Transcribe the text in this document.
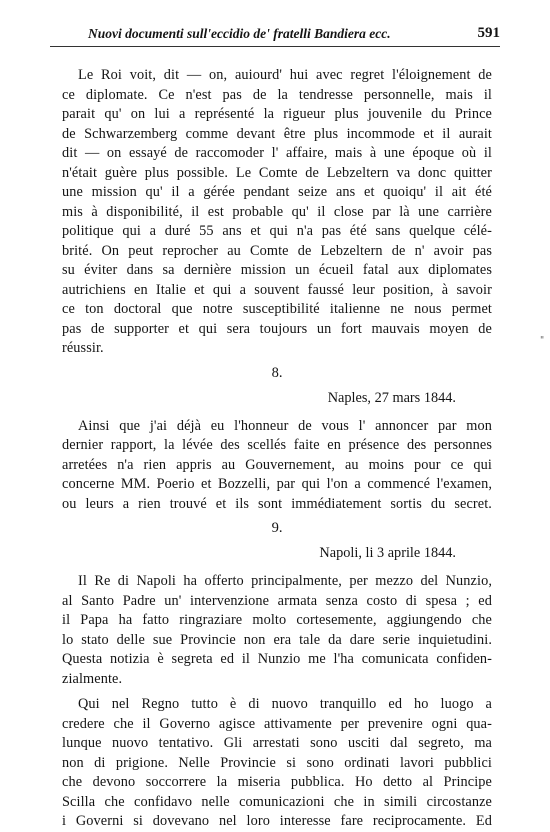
Nuovi documenti sull'eccidio de' fratelli Bandiera ecc.	591
Le Roi voit, dit — on, auiourd' hui avec regret l'éloignement de
ce diplomate. Ce n'est pas de la tendresse personnelle, mais il
parait qu' on lui a représenté la rigueur plus jouvenile du Prince
de Schwarzemberg comme devant être plus incommode et il aurait
dit — on essayé de raccomoder l' affaire, mais à une époque où il
n'était guère plus possible. Le Comte de Lebzeltern va donc quitter
une mission qu' il a gérée pendant seize ans et quoiqu' il ait été
mis à disponibilité, il est probable qu' il close par là une carrière
politique qui a duré 55 ans et qui n'a pas été sans quelque célé-
brité. On peut reprocher au Comte de Lebzeltern de n' avoir pas
su éviter dans sa dernière mission un écueil fatal aux diplomates
autrichiens en Italie et qui a souvent faussé leur position, à savoir
ce ton doctoral que notre susceptibilité italienne ne nous permet
pas de supporter et qui sera toujours un fort mauvais moyen de
réussir.
8.
Naples, 27 mars 1844.
Ainsi que j'ai déjà eu l'honneur de vous l' annoncer par mon
dernier rapport, la lévée des scellés faite en présence des personnes
arretées n'a rien appris au Gouvernement, au moins pour ce qui
concerne MM. Poerio et Bozzelli, par qui l'on a commencé l'examen,
ou leurs a rien trouvé et ils sont immédiatement sortis du secret.
9.
Napoli, li 3 aprile 1844.
Il Re di Napoli ha offerto principalmente, per mezzo del Nunzio,
al Santo Padre un' intervenzione armata senza costo di spesa ; ed
il Papa ha fatto ringraziare molto cortesemente, aggiungendo che
lo stato delle sue Provincie non era tale da dare serie inquietudini.
Questa notizia è segreta ed il Nunzio me l'ha comunicata confiden-
zialmente.
Qui nel Regno tutto è di nuovo tranquillo ed ho luogo a
credere che il Governo agisce attivamente per prevenire ogni qua-
lunque nuovo tentativo. Gli arrestati sono usciti dal segreto, ma
non di prigione. Nelle Provincie si sono ordinati lavori pubblici
che devono soccorrere la miseria pubblica. Ho detto al Principe
Scilla che confidavo nelle comunicazioni che in simili circostanze
i Governi si dovevano nel loro interesse fare reciprocamente. Ed
"
